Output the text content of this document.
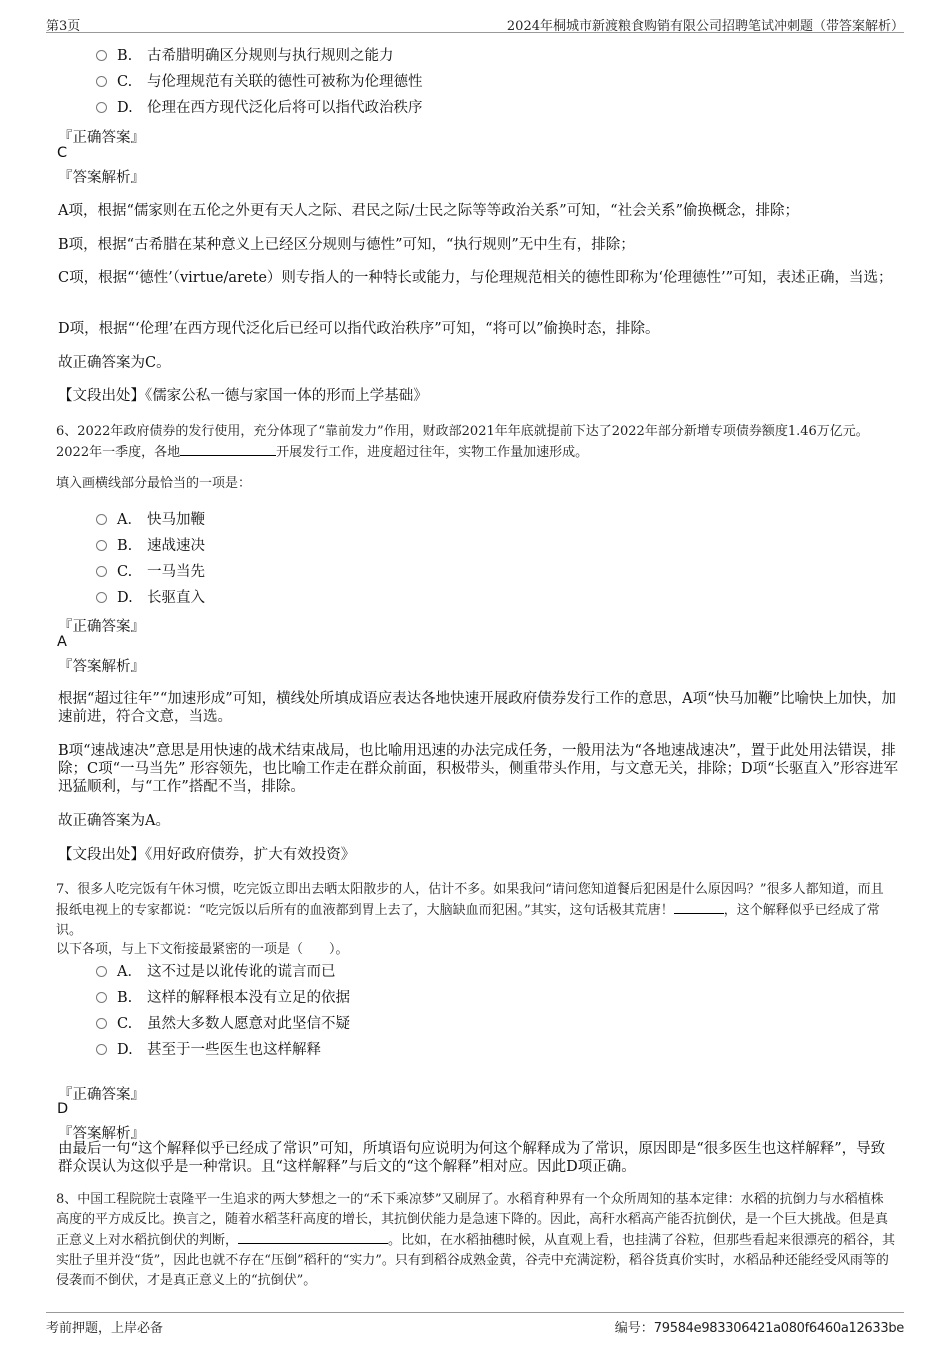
第3页	2024年桐城市新渡粮食购销有限公司招聘笔试冲刺题（带答案解析）
B. 古希腊明确区分规则与执行规则之能力
C. 与伦理规范有关联的德性可被称为伦理德性
D. 伦理在西方现代泛化后将可以指代政治秩序
『正确答案』
C
『答案解析』
A项，根据“儒家则在五伦之外更有天人之际、君民之际/士民之际等等政治关系”可知，“社会关系”偷换概念，排除；
B项，根据“古希腊在某种意义上已经区分规则与德性”可知，“执行规则”无中生有，排除；
C项，根据“‘德性’（virtue/arete）则专指人的一种特长或能力，与伦理规范相关的德性即称为‘伦理德性’”可知，表述正确，当选；
D项，根据“‘伦理’在西方现代泛化后已经可以指代政治秩序”可知，“将可以”偷换时态，排除。
故正确答案为C。
【文段出处】《儒家公私一德与家国一体的形而上学基础》
6、2022年政府债券的发行使用，充分体现了“靠前发力”作用，财政部2021年年底就提前下达了2022年部分新增专项债券额度1.46万亿元。
2022年一季度，各地	开展发行工作，进度超过往年，实物工作量加速形成。
填入画横线部分最恰当的一项是：
A． 快马加鞭
B. 速战速决
C. 一马当先
D. 长驱直入
『正确答案』
A
『答案解析』
根据“超过往年”“加速形成”可知，横线处所填成语应表达各地快速开展政府债券发行工作的意思，A项“快马加鞭”比喻快上加快，加速前进，符合文意，当选。
B项“速战速决”意思是用快速的战术结束战局，也比喻用迅速的办法完成任务，一般用法为“各地速战速决”，置于此处用法错误，排除；C项“一马当先” 形容领先，也比喻工作走在群众前面，积极带头，侧重带头作用，与文意无关，排除；D项“长驱直入”形容进军迅猛顺利，与“工作”搭配不当，排除。
故正确答案为A。
【文段出处】《用好政府债券，扩大有效投资》
7、很多人吃完饭有午休习惯，吃完饭立即出去晒太阳散步的人，估计不多。如果我问“请问您知道餐后犯困是什么原因吗？”很多人都知道，而且报纸电视上的专家都说：“吃完饭以后所有的血液都到胃上去了，大脑缺血而犯困。”其实，这句话极其荒唐！	，这个解释似乎已经成了常识。
以下各项，与上下文衔接最紧密的一项是（　　）。
A． 这不过是以讹传讹的谎言而已
B. 这样的解释根本没有立足的依据
C. 虽然大多数人愿意对此坚信不疑
D. 甚至于一些医生也这样解释
『正确答案』
D
『答案解析』
由最后一句“这个解释似乎已经成了常识”可知，所填语句应说明为何这个解释成为了常识，原因即是“很多医生也这样解释”，导致群众误认为这似乎是一种常识。且“这样解释”与后文的“这个解释”相对应。因此D项正确。
8、中国工程院院士袁隆平一生追求的两大梦想之一的“禾下乘凉梦”又刷屏了。水稻育种界有一个众所周知的基本定律：水稻的抗倒力与水稻植株高度的平方成反比。换言之，随着水稻茎秆高度的增长，其抗倒伏能力是急速下降的。因此，高秆水稻高产能否抗倒伏，是一个巨大挑战。但是真正意义上对水稻抗倒伏的判断，	。比如，在水稻抽穗时候，从直观上看，也挂满了谷粒，但那些看起来很漂亮的稻谷，其实肚子里并没“货”，因此也就不存在“压倒”稻秆的“实力”。只有到稻谷成熟金黄，谷壳中充满淀粉，稻谷货真价实时，水稻品种还能经受风雨等的侵袭而不倒伏，才是真正意义上的“抗倒伏”。
考前押题，上岸必备	编号：79584e983306421a080f6460a12633be
